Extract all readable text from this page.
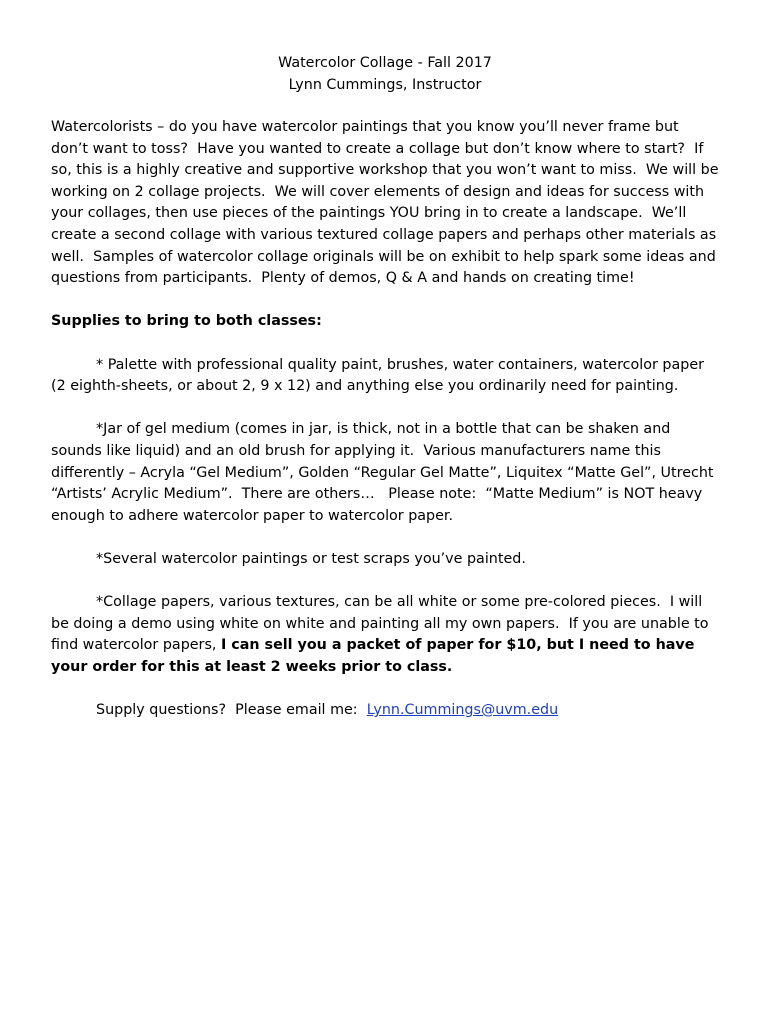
Watercolor Collage - Fall 2017

Lynn Cummings, Instructor

Watercolorists – do you have watercolor paintings that you know you’ll never frame but don’t want to toss?  Have you wanted to create a collage but don’t know where to start?  If so, this is a highly creative and supportive workshop that you won’t want to miss.  We will be working on 2 collage projects.  We will cover elements of design and ideas for success with your collages, then use pieces of the paintings YOU bring in to create a landscape.  We’ll create a second collage with various textured collage papers and perhaps other materials as well.  Samples of watercolor collage originals will be on exhibit to help spark some ideas and questions from participants.  Plenty of demos, Q & A and hands on creating time!

Supplies to bring to both classes:

* Palette with professional quality paint, brushes, water containers, watercolor paper (2 eighth-sheets, or about 2, 9 x 12) and anything else you ordinarily need for painting.

*Jar of gel medium (comes in jar, is thick, not in a bottle that can be shaken and sounds like liquid) and an old brush for applying it.  Various manufacturers name this differently – Acryla “Gel Medium”, Golden “Regular Gel Matte”, Liquitex “Matte Gel”, Utrecht “Artists’ Acrylic Medium”.  There are others…   Please note:  “Matte Medium” is NOT heavy enough to adhere watercolor paper to watercolor paper.

*Several watercolor paintings or test scraps you’ve painted.

*Collage papers, various textures, can be all white or some pre-colored pieces.  I will be doing a demo using white on white and painting all my own papers.  If you are unable to find watercolor papers, I can sell you a packet of paper for $10, but I need to have your order for this at least 2 weeks prior to class.

Supply questions?  Please email me:  Lynn.Cummings@uvm.edu
